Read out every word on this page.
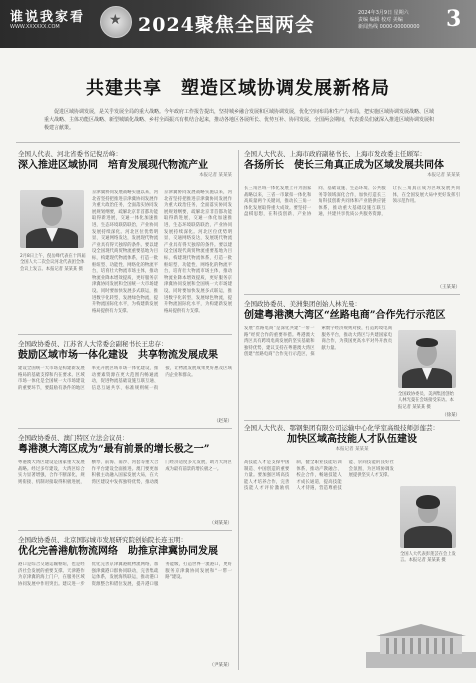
谁说我家看
WWW.XXXXXX.COM
★	2024聚焦全国两会
2024年3月9日 星期六
责编 编辑 校对 美编
新闻热线 0000-00000000	3
共建共享　塑造区域协调发展新格局
促进区域协调发展，是关乎发展全局的重大战略。今年政府工作报告提出，坚持城乡融合发展和区域协调发展，优化空间布局和生产力布局，把实施区域协调发展战略、区域重大战略、主体功能区战略、新型城镇化战略、乡村全面振兴有机结合起来，推动各地区各展所长、优势互补、协同发展。全国两会期间，代表委员们就深入推进区域协调发展积极建言献策。
全国人代表、河北省委书记倪岳峰：
深入推进区域协同　培育发展现代物流产业
本报记者 某某某
2月8日上午，倪岳峰代表在十四届全国人大二次会议河北代表团全体会议上发言。本报记者 某某某 摄
京津冀协同发展战略实施以来，河北省坚持把推进京津冀协同发展作为重大政治任务，全面落实协同发展规划纲要，疏解北京非首都功能取得新进展，交通一体化加速推进，生态环境联防联治，产业协同发展持续深化。河北区位优势明显、交通网络发达，发展现代物流产业具有得天独厚的条件。要以建设全国现代商贸物流重要基地为目标，构建现代物流体系，打造一批枢纽型、功能性、网络化的物流平台，培育壮大物流市场主体，推动物流业降本增效提质，更好服务京津冀协同发展和全国统一大市场建设。同时要加快发展多式联运，推进数字化转型，发展绿色物流，提升物流国际化水平，为构建新发展格局提供有力支撑。
京津冀协同发展战略实施以来，河北省坚持把推进京津冀协同发展作为重大政治任务，全面落实协同发展规划纲要，疏解北京非首都功能取得新进展，交通一体化加速推进，生态环境联防联治，产业协同发展持续深化。河北区位优势明显、交通网络发达，发展现代物流产业具有得天独厚的条件。要以建设全国现代商贸物流重要基地为目标，构建现代物流体系，打造一批枢纽型、功能性、网络化的物流平台，培育壮大物流市场主体，推动物流业降本增效提质，更好服务京津冀协同发展和全国统一大市场建设。同时要加快发展多式联运，推进数字化转型，发展绿色物流，提升物流国际化水平，为构建新发展格局提供有力支撑。
全国人大代表、上海市政府副秘书长、上海市发改委主任顾军：
各扬所长　使长三角真正成为区域发展共同体
本报记者 某某某
长三角区域一体化发展上升为国家战略以来，三省一市紧扣一体化和高质量两个关键词，推动长三角一体化发展取得重大成效。要坚持一盘棋思想，在科技创新、产业协同、基础设施、生态环境、公共服务等领域深化合作，加快打造长三角科技创新共同体和产业链供应链体系，推动重大基础设施互联互通，共建共享优质公共服务资源，让长三角真正成为区域发展共同体，在全国发展大局中更好发挥引领示范作用。
（王某某）
全国政协委员、江苏省人大常委会副秘书长王忠存：
鼓励区域市场一体化建设　共享物流发展成果
建设全国统一大市场是构建新发展格局的基础支撑和内在要求。区域市场一体化是全国统一大市场建设的重要环节，要鼓励有条件的地区率先开展区域市场一体化建设，推动要素资源在更大范围内畅通流动，促进物流基础设施互联互通、信息互通共享、标准规则统一衔接，让物流发展成果更好惠及区域内企业和群众。
（赵某）
全国政协委员、澳门特区立法会议员：
粤港澳大湾区成为“最有前景的增长极之一”
粤港澳大湾区建设是国家重大发展战略。经过多年建设，大湾区综合实力显著增强，合作不断深化，规则衔接、机制对接取得积极进展，横琴、前海、南沙、河套等重大合作平台建设全面推进。澳门要更加积极主动融入国家发展大局，在大湾区建设中发挥独特优势，推动澳门经济适度多元发展，助力大湾区成为最有前景的增长极之一。
（刘某某）
全国政协委员、北京国际城市发展研究院创始院长连玉明：
优化完善港航物流网络　助推京津冀协同发展
港口是综合交通运输枢纽，也是经济社会发展的重要支撑。天津港作为京津冀的海上门户，在服务区域协同发展中作用突出。建议进一步优化完善京津冀港航物流网络，加强津冀港口群协同联动，完善集疏运体系，发展海铁联运，推动港口资源整合和错位发展，提升港口服务能级，打造世界一流港口，更好服务京津冀协同发展和“一带一路”建设。
（尹某某）
全国政协委员、美洲集团创始人林光曼：
创建粤港澳大湾区“丝路电商”合作先行示范区
发展“丝路电商”是深化共建“一带一路”经贸合作的重要举措。粤港澳大湾区具有跨境电商发展的坚实基础和独特优势，建议支持在粤港澳大湾区创建“丝路电商”合作先行示范区，探索数字经济规则对接，打造跨境电商服务平台，推动大湾区与共建国家电商合作，为我国更高水平对外开放贡献力量。
全国政协委员、美洲集团创始人林光曼在会场接受采访。本报记者 某某某 摄
（徐某）
全国人大代表、鄂钢集团有限公司运输中心化学室高级技师彭莲芸：
加快区域高技能人才队伍建设
本报记者 某某某
高技能人才是支撑中国制造、中国创造的重要力量。要加强区域高技能人才培养合作，完善技能人才评价激励机制，健全职业技能培训体系，推动产教融合、校企合作，畅通技能人才成长通道，提高技能人才待遇，营造尊重技能、崇尚技能的良好社会氛围，为区域协调发展提供坚实人才支撑。
全国人大代表彭莲芸在会上发言。本报记者 某某某 摄
